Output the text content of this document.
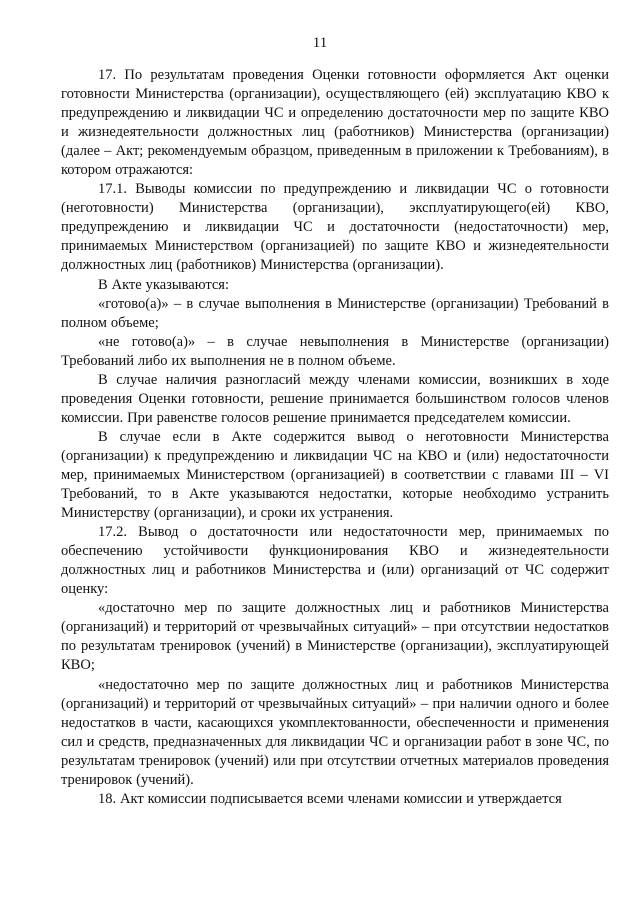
11

17. По результатам проведения Оценки готовности оформляется Акт оценки готовности Министерства (организации), осуществляющего (ей) эксплуатацию КВО к предупреждению и ликвидации ЧС и определению достаточности мер по защите КВО и жизнедеятельности должностных лиц (работников) Министерства (организации) (далее – Акт; рекомендуемым образцом, приведенным в приложении к Требованиям), в котором отражаются:

17.1. Выводы комиссии по предупреждению и ликвидации ЧС о готовности (неготовности) Министерства (организации), эксплуатирующего(ей) КВО, предупреждению и ликвидации ЧС и достаточности (недостаточности) мер, принимаемых Министерством (организацией) по защите КВО и жизнедеятельности должностных лиц (работников) Министерства (организации).

В Акте указываются:

«готово(а)» – в случае выполнения в Министерстве (организации) Требований в полном объеме;

«не готово(а)» – в случае невыполнения в Министерстве (организации) Требований либо их выполнения не в полном объеме.

В случае наличия разногласий между членами комиссии, возникших в ходе проведения Оценки готовности, решение принимается большинством голосов членов комиссии. При равенстве голосов решение принимается председателем комиссии.

В случае если в Акте содержится вывод о неготовности Министерства (организации) к предупреждению и ликвидации ЧС на КВО и (или) недостаточности мер, принимаемых Министерством (организацией) в соответствии с главами III – VI Требований, то в Акте указываются недостатки, которые необходимо устранить Министерству (организации), и сроки их устранения.

17.2. Вывод о достаточности или недостаточности мер, принимаемых по обеспечению устойчивости функционирования КВО и жизнедеятельности должностных лиц и работников Министерства и (или) организаций от ЧС содержит оценку:

«достаточно мер по защите должностных лиц и работников Министерства (организаций) и территорий от чрезвычайных ситуаций» – при отсутствии недостатков по результатам тренировок (учений) в Министерстве (организации), эксплуатирующей КВО;

«недостаточно мер по защите должностных лиц и работников Министерства (организаций) и территорий от чрезвычайных ситуаций» – при наличии одного и более недостатков в части, касающихся укомплектованности, обеспеченности и применения сил и средств, предназначенных для ликвидации ЧС и организации работ в зоне ЧС, по результатам тренировок (учений) или при отсутствии отчетных материалов проведения тренировок (учений).

18. Акт комиссии подписывается всеми членами комиссии и утверждается
